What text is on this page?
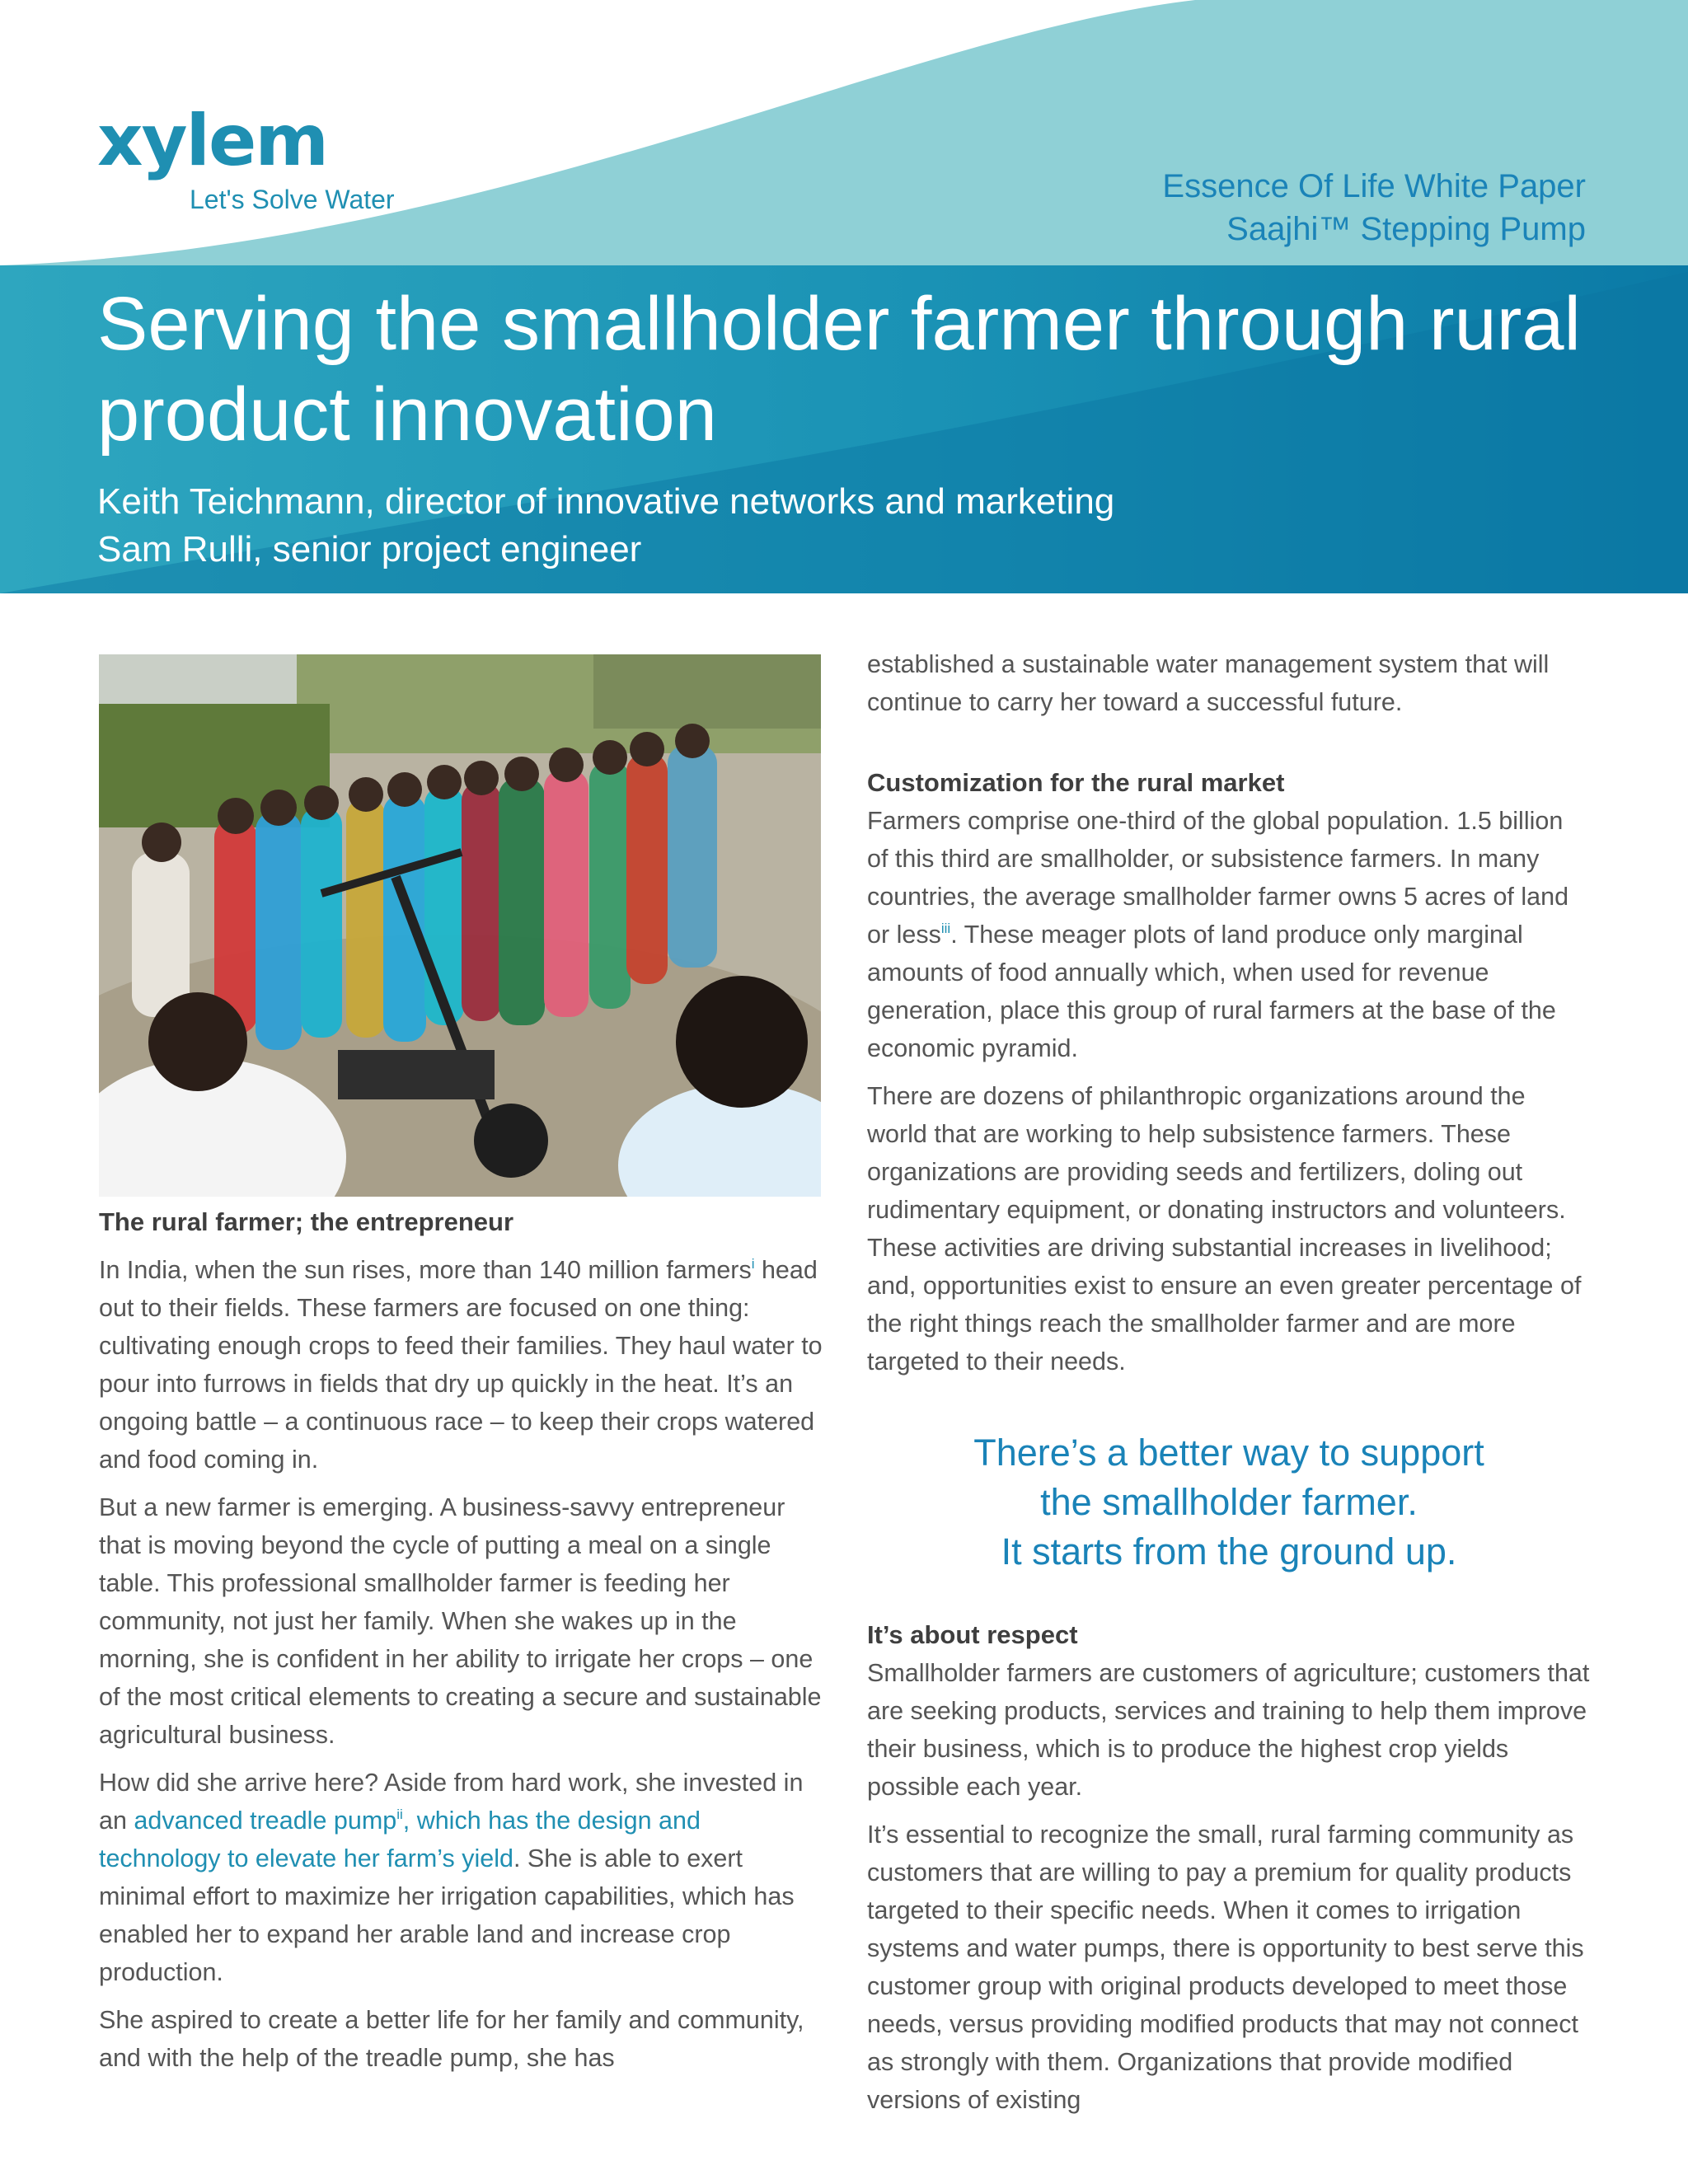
xylem
Let's Solve Water	Essence Of Life White Paper
Saajhi™ Stepping Pump
Serving the smallholder farmer through rural product innovation
Keith Teichmann, director of innovative networks and marketing
Sam Rulli, senior project engineer
The rural farmer; the entrepreneur

In India, when the sun rises, more than 140 million farmers$^i$ head out to their fields. These farmers are focused on one thing: cultivating enough crops to feed their families. They haul water to pour into furrows in fields that dry up quickly in the heat. It’s an ongoing battle – a continuous race – to keep their crops watered and food coming in.

But a new farmer is emerging. A business-savvy entrepreneur that is moving beyond the cycle of putting a meal on a single table. This professional smallholder farmer is feeding her community, not just her family. When she wakes up in the morning, she is confident in her ability to irrigate her crops – one of the most critical elements to creating a secure and sustainable agricultural business.

How did she arrive here? Aside from hard work, she invested in an advanced treadle pump$^{ii}$, which has the design and technology to elevate her farm’s yield. She is able to exert minimal effort to maximize her irrigation capabilities, which has enabled her to expand her arable land and increase crop production.

She aspired to create a better life for her family and community, and with the help of the treadle pump, she has

established a sustainable water management system that will continue to carry her toward a successful future.

Customization for the rural market

Farmers comprise one-third of the global population. 1.5 billion of this third are smallholder, or subsistence farmers. In many countries, the average smallholder farmer owns 5 acres of land or less$^{iii}$. These meager plots of land produce only marginal amounts of food annually which, when used for revenue generation, place this group of rural farmers at the base of the economic pyramid.

There are dozens of philanthropic organizations around the world that are working to help subsistence farmers. These organizations are providing seeds and fertilizers, doling out rudimentary equipment, or donating instructors and volunteers. These activities are driving substantial increases in livelihood; and, opportunities exist to ensure an even greater percentage of the right things reach the smallholder farmer and are more targeted to their needs.

There’s a better way to support
the smallholder farmer.
It starts from the ground up.
It’s about respect

Smallholder farmers are customers of agriculture; customers that are seeking products, services and training to help them improve their business, which is to produce the highest crop yields possible each year.

It’s essential to recognize the small, rural farming community as customers that are willing to pay a premium for quality products targeted to their specific needs. When it comes to irrigation systems and water pumps, there is opportunity to best serve this customer group with original products developed to meet those needs, versus providing modified products that may not connect as strongly with them. Organizations that provide modified versions of existing
